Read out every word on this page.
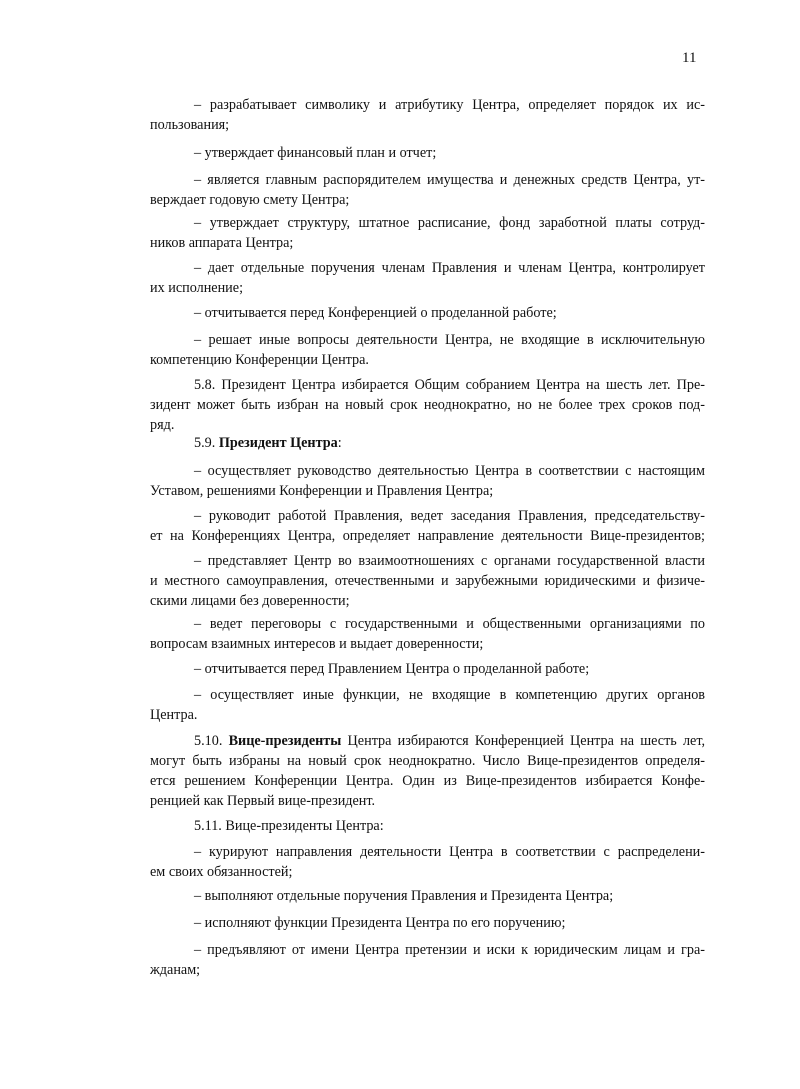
11
– разрабатывает символику и атрибутику Центра, определяет порядок их ис-
пользования;
– утверждает финансовый план и отчет;
– является главным распорядителем имущества и денежных средств Центра, ут-
верждает годовую смету Центра;
– утверждает структуру, штатное расписание, фонд заработной платы сотруд-
ников аппарата Центра;
– дает отдельные поручения членам Правления и членам Центра, контролирует
их исполнение;
– отчитывается перед Конференцией о проделанной работе;
– решает иные вопросы деятельности Центра, не входящие в исключительную
компетенцию Конференции Центра.
5.8. Президент Центра избирается Общим собранием Центра на шесть лет. Пре-
зидент может быть избран на новый срок неоднократно, но не более трех сроков под-
ряд.
5.9. Президент Центра:
– осуществляет руководство деятельностью Центра в соответствии с настоящим
Уставом, решениями Конференции и Правления Центра;
– руководит работой Правления, ведет заседания Правления, председательству-
ет на Конференциях Центра, определяет направление деятельности Вице-президентов;
– представляет Центр во взаимоотношениях с органами государственной власти
и местного самоуправления, отечественными и зарубежными юридическими и физиче-
скими лицами без доверенности;
– ведет переговоры с государственными и общественными организациями по
вопросам взаимных интересов и выдает доверенности;
– отчитывается перед Правлением Центра о проделанной работе;
– осуществляет иные функции, не входящие в компетенцию других органов
Центра.
5.10. Вице-президенты Центра избираются Конференцией Центра на шесть лет,
могут быть избраны на новый срок неоднократно. Число Вице-президентов определя-
ется решением Конференции Центра. Один из Вице-президентов избирается Конфе-
ренцией как Первый вице-президент.
5.11. Вице-президенты Центра:
– курируют направления деятельности Центра в соответствии с распределени-
ем своих обязанностей;
– выполняют отдельные поручения Правления и Президента Центра;
– исполняют функции Президента Центра по его поручению;
– предъявляют от имени Центра претензии и иски к юридическим лицам и гра-
жданам;
